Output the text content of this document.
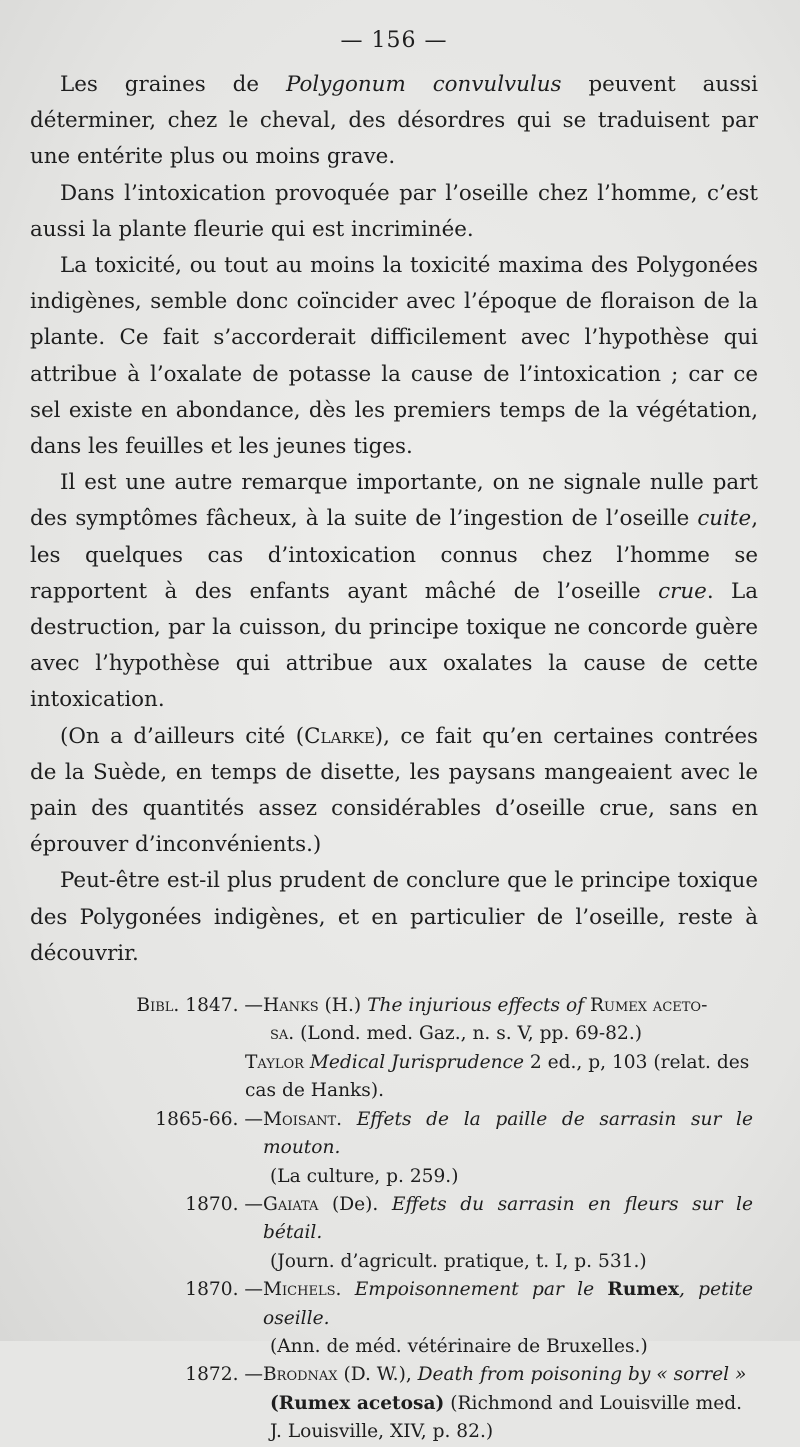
— 156 —

Les graines de Polygonum convulvulus peuvent aussi déterminer, chez le cheval, des désordres qui se traduisent par une entérite plus ou moins grave.

Dans l’intoxication provoquée par l’oseille chez l’homme, c’est aussi la plante fleurie qui est incriminée.

La toxicité, ou tout au moins la toxicité maxima des Polygonées indigènes, semble donc coïncider avec l’époque de floraison de la plante. Ce fait s’accorderait difficilement avec l’hypothèse qui attribue à l’oxalate de potasse la cause de l’intoxication ; car ce sel existe en abondance, dès les premiers temps de la végétation, dans les feuilles et les jeunes tiges.

Il est une autre remarque importante, on ne signale nulle part des symptômes fâcheux, à la suite de l’ingestion de l’oseille cuite, les quelques cas d’intoxication connus chez l’homme se rapportent à des enfants ayant mâché de l’oseille crue. La destruction, par la cuisson, du principe toxique ne concorde guère avec l’hypothèse qui attribue aux oxalates la cause de cette intoxication.

(On a d’ailleurs cité (Clarke), ce fait qu’en certaines contrées de la Suède, en temps de disette, les paysans mangeaient avec le pain des quantités assez considérables d’oseille crue, sans en éprouver d’inconvénients.)

Peut-être est-il plus prudent de conclure que le principe toxique des Polygonées indigènes, et en particulier de l’oseille, reste à découvrir.

Bibl. 1847. —Hanks (H.) The injurious effects of Rumex aceto-
sa. (Lond. med. Gaz., n. s. V, pp. 69-82.)
Taylor Medical Jurisprudence 2 ed., p, 103 (relat. des cas de Hanks).
1865-66. —Moisant. Effets de la paille de sarrasin sur le mouton.
(La culture, p. 259.)
1870. —Gaiata (De). Effets du sarrasin en fleurs sur le bétail.
(Journ. d’agricult. pratique, t. I, p. 531.)
1870. —Michels. Empoisonnement par le Rumex, petite oseille.
(Ann. de méd. vétérinaire de Bruxelles.)
1872. —Brodnax (D. W.), Death from poisoning by « sorrel »
(Rumex acetosa) (Richmond and Louisville med. J. Louisville, XIV, p. 82.)
